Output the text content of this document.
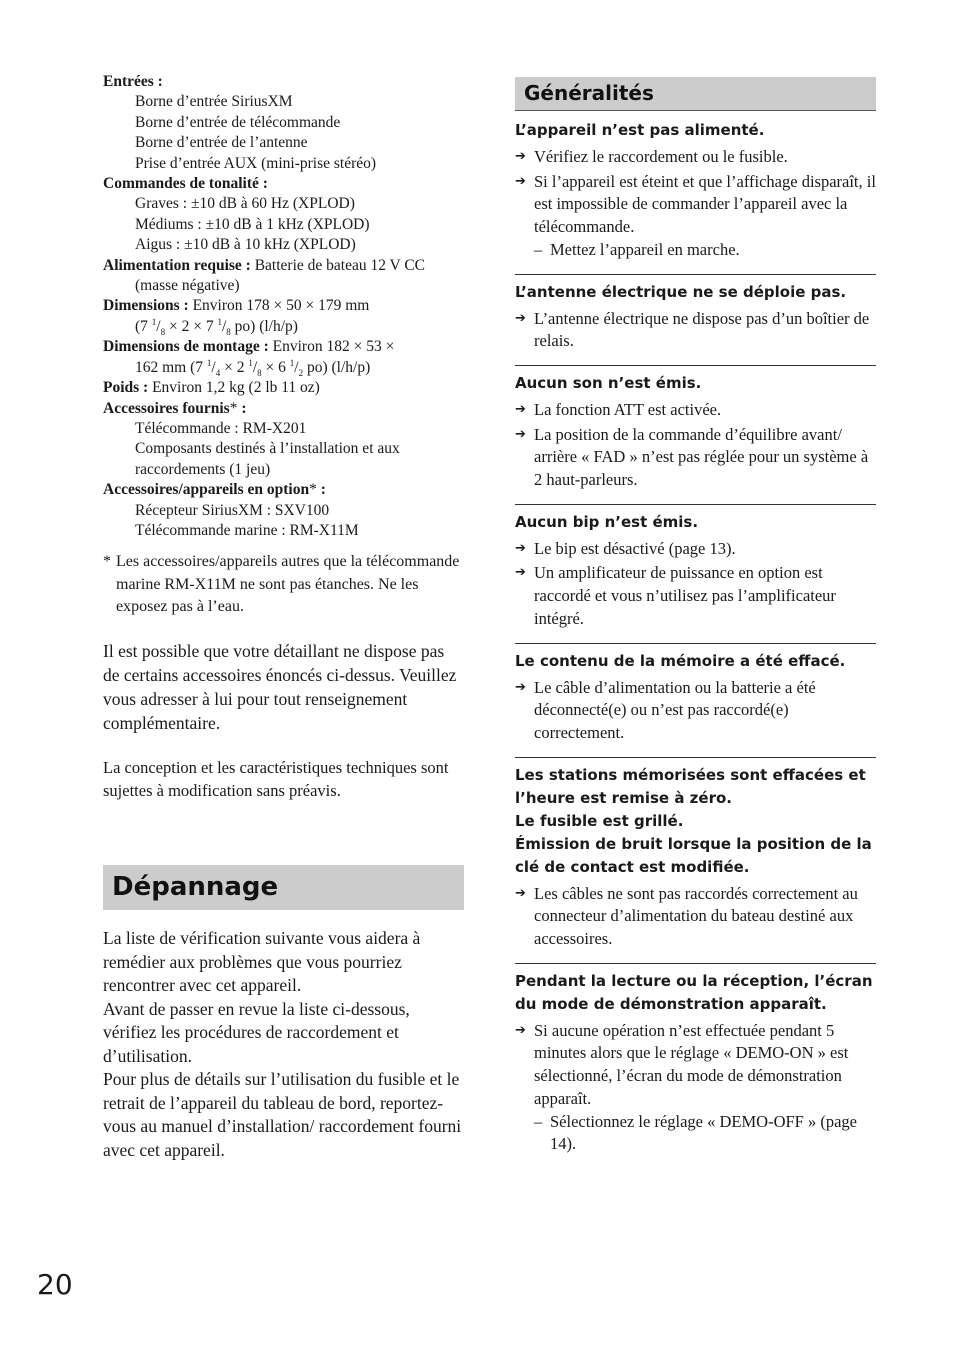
Entrées :
Borne d’entrée SiriusXM
Borne d’entrée de télécommande
Borne d’entrée de l’antenne
Prise d’entrée AUX (mini-prise stéréo)
Commandes de tonalité :
Graves : ±10 dB à 60 Hz (XPLOD)
Médiums : ±10 dB à 1 kHz (XPLOD)
Aigus : ±10 dB à 10 kHz (XPLOD)
Alimentation requise : Batterie de bateau 12 V CC
(masse négative)
Dimensions : Environ 178 × 50 × 179 mm
(7 $^1/_8 \times 2 \times 7$ $^1/_8$ po) (l/h/p)
Dimensions de montage : Environ 182 × 53 ×
162 mm (7 $^1/_4 \times 2$ $^1/_8 \times 6$ $^1/_2$ po) (l/h/p)
Poids : Environ 1,2 kg (2 lb 11 oz)
Accessoires fournis* :
Télécommande : RM-X201
Composants destinés à l’installation et aux
raccordements (1 jeu)
Accessoires/appareils en option* :
Récepteur SiriusXM : SXV100
Télécommande marine : RM-X11M
* Les accessoires/appareils autres que la télécommande marine RM-X11M ne sont pas étanches. Ne les exposez pas à l’eau.

Il est possible que votre détaillant ne dispose pas de certains accessoires énoncés ci-dessus. Veuillez vous adresser à lui pour tout renseignement complémentaire.

La conception et les caractéristiques techniques sont sujettes à modification sans préavis.

Dépannage

La liste de vérification suivante vous aidera à remédier aux problèmes que vous pourriez rencontrer avec cet appareil.

Avant de passer en revue la liste ci-dessous, vérifiez les procédures de raccordement et d’utilisation.

Pour plus de détails sur l’utilisation du fusible et le retrait de l’appareil du tableau de bord, reportez-vous au manuel d’installation/ raccordement fourni avec cet appareil.

Généralités
L’appareil n’est pas alimenté.
➔ Vérifiez le raccordement ou le fusible.
➔ Si l’appareil est éteint et que l’affichage disparaît, il est impossible de commander l’appareil avec la télécommande.
– Mettez l’appareil en marche.
L’antenne électrique ne se déploie pas.
➔ L’antenne électrique ne dispose pas d’un boîtier de relais.
Aucun son n’est émis.
➔ La fonction ATT est activée.
➔ La position de la commande d’équilibre avant/ arrière « FAD » n’est pas réglée pour un système à 2 haut-parleurs.
Aucun bip n’est émis.
➔ Le bip est désactivé (page 13).
➔ Un amplificateur de puissance en option est raccordé et vous n’utilisez pas l’amplificateur intégré.
Le contenu de la mémoire a été effacé.
➔ Le câble d’alimentation ou la batterie a été déconnecté(e) ou n’est pas raccordé(e) correctement.
Les stations mémorisées sont effacées et l’heure est remise à zéro.
Le fusible est grillé.
Émission de bruit lorsque la position de la clé de contact est modifiée.
➔ Les câbles ne sont pas raccordés correctement au connecteur d’alimentation du bateau destiné aux accessoires.
Pendant la lecture ou la réception, l’écran du mode de démonstration apparaît.
➔ Si aucune opération n’est effectuée pendant 5 minutes alors que le réglage « DEMO-ON » est sélectionné, l’écran du mode de démonstration apparaît.
– Sélectionnez le réglage « DEMO-OFF » (page 14).
20
